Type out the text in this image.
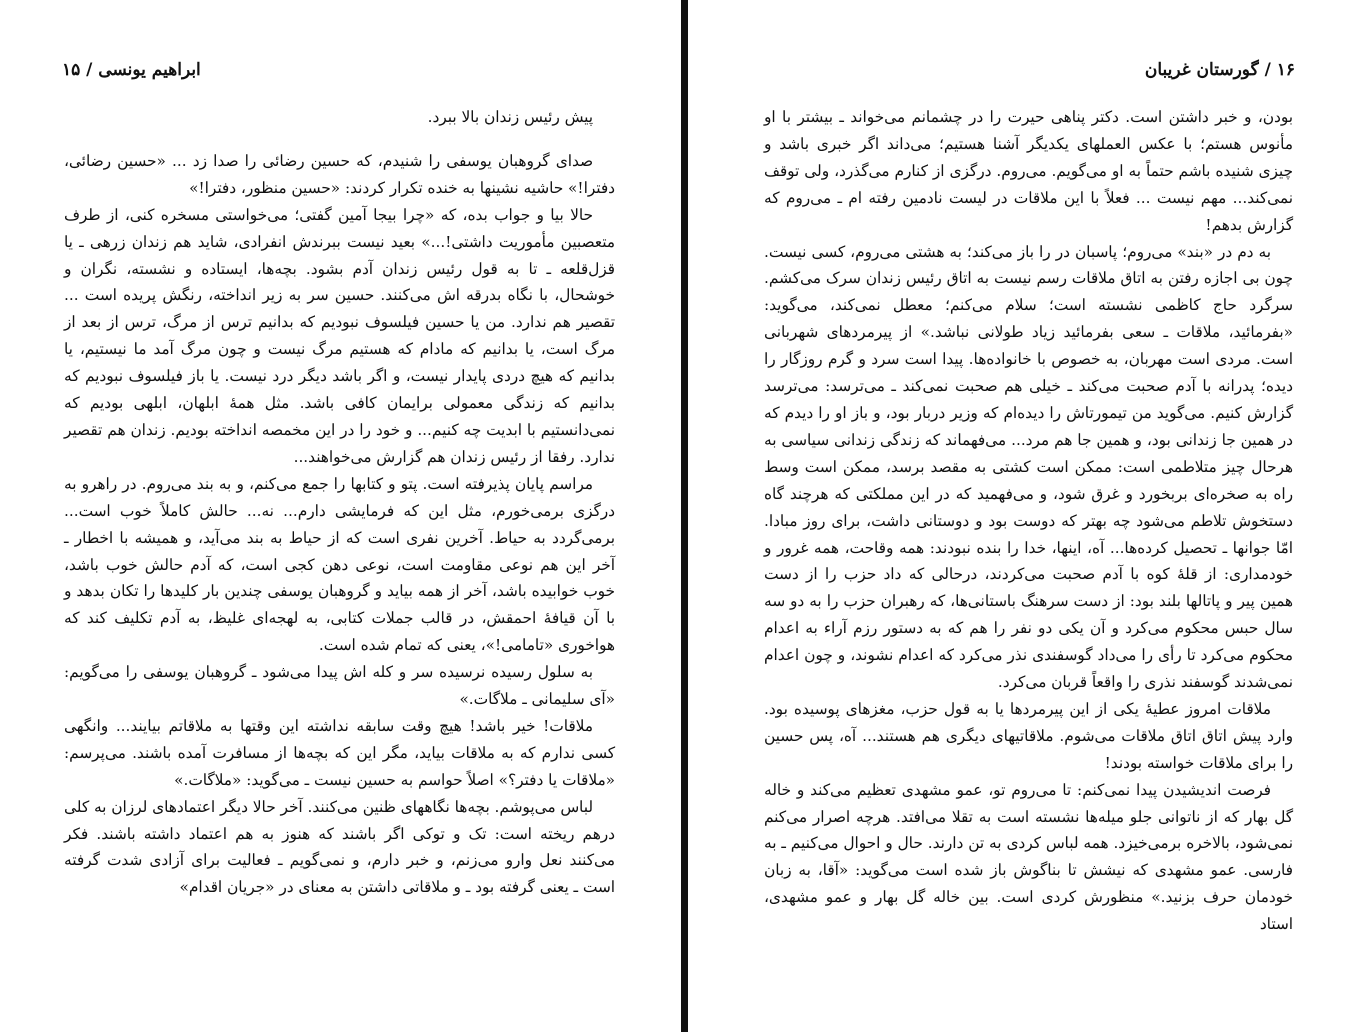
ابراهیم یونسی / ۱۵

پیش رئیس زندان بالا ببرد.

صدای گروهبان یوسفی را شنیدم، که حسین رضائی را صدا زد ... «حسین رضائی، دفترا!» حاشیه نشینها به خنده تکرار کردند: «حسین منظور، دفترا!»

حالا بیا و جواب بده، که «چرا بیجا آمین گفتی؛ می‌خواستی مسخره کنی، از طرف متعصبین مأموریت داشتی!...» بعید نیست ببرندش انفرادی، شاید هم زندان زرهی ـ یا قزل‌قلعه ـ تا به قول رئیس زندان آدم بشود. بچه‌ها، ایستاده و نشسته، نگران و خوشحال، با نگاه بدرقه اش می‌کنند. حسین سر به زیر انداخته، رنگش پریده است ... تقصیر هم ندارد. من یا حسین فیلسوف نبودیم که بدانیم ترس از مرگ، ترس از بعد از مرگ است، یا بدانیم که مادام که هستیم مرگ نیست و چون مرگ آمد ما نیستیم، یا بدانیم که هیچ دردی پایدار نیست، و اگر باشد دیگر درد نیست. یا باز فیلسوف نبودیم که بدانیم که زندگی معمولی برایمان کافی باشد. مثل همهٔ ابلهان، ابلهی بودیم که نمی‌دانستیم با ابدیت چه کنیم... و خود را در این مخمصه انداخته بودیم. زندان هم تقصیر ندارد. رفقا از رئیس زندان هم گزارش می‌خواهند...

مراسم پایان پذیرفته است. پتو و کتابها را جمع می‌کنم، و به بند می‌روم. در راهرو به درگزی برمی‌خورم، مثل این که فرمایشی دارم... نه... حالش کاملاً خوب است... برمی‌گردد به حیاط. آخرین نفری است که از حیاط به بند می‌آید، و همیشه با اخطار ـ آخر این هم نوعی مقاومت است، نوعی دهن کجی است، که آدم حالش خوب باشد، خوب خوابیده باشد، آخر از همه بیاید و گروهبان یوسفی چندین بار کلیدها را تکان بدهد و با آن قیافهٔ احمقش، در قالب جملات کتابی، به لهجه‌ای غلیظ، به آدم تکلیف کند که هواخوری «تامامی!»، یعنی که تمام شده است.

به سلول رسیده نرسیده سر و کله اش پیدا می‌شود ـ گروهبان یوسفی را می‌گویم: «آی سلیمانی ـ ملاگات.»

ملاقات! خیر باشد! هیچ وقت سابقه نداشته این وقتها به ملاقاتم بیایند... وانگهی کسی ندارم که به ملاقات بیاید، مگر این که بچه‌ها از مسافرت آمده باشند. می‌پرسم: «ملاقات یا دفتر؟» اصلاً حواسم به حسین نیست ـ می‌گوید: «ملاگات.»

لباس می‌پوشم. بچه‌ها نگاههای ظنین می‌کنند. آخر حالا دیگر اعتمادهای لرزان به کلی درهم ریخته است: تک و توکی اگر باشند که هنوز به هم اعتماد داشته باشند. فکر می‌کنند نعل وارو می‌زنم، و خبر دارم، و نمی‌گویم ـ فعالیت برای آزادی شدت گرفته است ـ یعنی گرفته بود ـ و ملاقاتی داشتن به معنای در «جریان اقدام»

۱۶ / گورستان غریبان

بودن، و خبر داشتن است. دکتر پناهی حیرت را در چشمانم می‌خواند ـ بیشتر با او مأنوس هستم؛ با عکس العملهای یکدیگر آشنا هستیم؛ می‌داند اگر خبری باشد و چیزی شنیده باشم حتماً به او می‌گویم. می‌روم. درگزی از کنارم می‌گذرد، ولی توقف نمی‌کند... مهم نیست ... فعلاً با این ملاقات در لیست نادمین رفته ام ـ می‌روم که گزارش بدهم!

به دم در «بند» می‌روم؛ پاسبان در را باز می‌کند؛ به هشتی می‌روم، کسی نیست. چون بی اجازه رفتن به اتاق ملاقات رسم نیست به اتاق رئیس زندان سرک می‌کشم. سرگرد حاج کاظمی نشسته است؛ سلام می‌کنم؛ معطل نمی‌کند، می‌گوید: «بفرمائید، ملاقات ـ سعی بفرمائید زیاد طولانی نباشد.» از پیرمردهای شهربانی است. مردی است مهربان، به خصوص با خانواده‌ها. پیدا است سرد و گرم روزگار را دیده؛ پدرانه با آدم صحبت می‌کند ـ خیلی هم صحبت نمی‌کند ـ می‌ترسد: می‌ترسد گزارش کنیم. می‌گوید من تیمورتاش را دیده‌ام که وزیر دربار بود، و باز او را دیدم که در همین جا زندانی بود، و همین جا هم مرد... می‌فهماند که زندگی زندانی سیاسی به هرحال چیز متلاطمی است: ممکن است کشتی به مقصد برسد، ممکن است وسط راه به صخره‌ای بربخورد و غرق شود، و می‌فهمید که در این مملکتی که هرچند گاه دستخوش تلاطم می‌شود چه بهتر که دوست بود و دوستانی داشت، برای روز مبادا. امّا جوانها ـ تحصیل کرده‌ها... آه، اینها، خدا را بنده نبودند: همه وقاحت، همه غرور و خودمداری: از قلهٔ کوه با آدم صحبت می‌کردند، درحالی که داد حزب را از دست همین پیر و پاتالها بلند بود: از دست سرهنگ باستانی‌ها، که رهبران حزب را به دو سه سال حبس محکوم می‌کرد و آن یکی دو نفر را هم که به دستور رزم آراء به اعدام محکوم می‌کرد تا رأی را می‌داد گوسفندی نذر می‌کرد که اعدام نشوند، و چون اعدام نمی‌شدند گوسفند نذری را واقعاً قربان می‌کرد.

ملاقات امروز عطیهٔ یکی از این پیرمردها یا به قول حزب، مغزهای پوسیده بود. وارد پیش اتاق اتاق ملاقات می‌شوم. ملاقاتیهای دیگری هم هستند... آه، پس حسین را برای ملاقات خواسته بودند!

فرصت اندیشیدن پیدا نمی‌کنم: تا می‌روم تو، عمو مشهدی تعظیم می‌کند و خاله گل بهار که از ناتوانی جلو میله‌ها نشسته است به تقلا می‌افتد. هرچه اصرار می‌کنم نمی‌شود، بالاخره برمی‌خیزد. همه لباس کردی به تن دارند. حال و احوال می‌کنیم ـ به فارسی. عمو مشهدی که نیشش تا بناگوش باز شده است می‌گوید: «آقا، به زبان خودمان حرف بزنید.» منظورش کردی است. بین خاله گل بهار و عمو مشهدی، استاد
